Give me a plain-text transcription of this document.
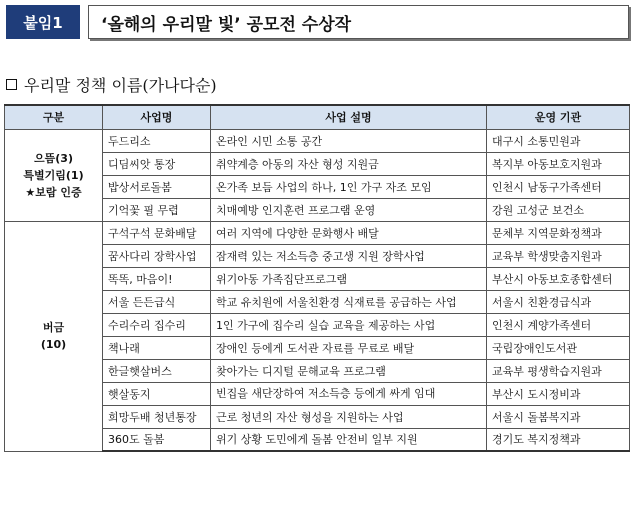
붙임1	‘올해의 우리말 빛’ 공모전 수상작
우리말 정책 이름(가나다순)
구분	사업명	사업 설명	운영 기관

으뜸(3)
특별기림(1)
★보람 인증	두드리소	온라인 시민 소통 공간	대구시 소통민원과
	디딤씨앗 통장	취약계층 아동의 자산 형성 지원금	복지부 아동보호지원과
	밥상서로돌봄	온가족 보듬 사업의 하나, 1인 가구 자조 모임	인천시 남동구가족센터
	기억꽃 필 무렵	치매예방 인지훈련 프로그램 운영	강원 고성군 보건소

버금
(10)	구석구석 문화배달	여러 지역에 다양한 문화행사 배달	문체부 지역문화정책과
	꿈사다리 장학사업	잠재력 있는 저소득층 중고생 지원 장학사업	교육부 학생맞춤지원과
	똑똑, 마음이!	위기아동 가족집단프로그램	부산시 아동보호종합센터
	서울 든든급식	학교 유치원에 서울친환경 식재료를 공급하는 사업	서울시 친환경급식과
	수리수리 집수리	1인 가구에 집수리 실습 교육을 제공하는 사업	인천시 계양가족센터
	책나래	장애인 등에게 도서관 자료를 무료로 배달	국립장애인도서관
	한글햇살버스	찾아가는 디지털 문해교육 프로그램	교육부 평생학습지원과
	햇살동지	빈집을 새단장하여 저소득층 등에게 싸게 임대	부산시 도시정비과
	희망두배 청년통장	근로 청년의 자산 형성을 지원하는 사업	서울시 돌봄복지과
	360도 돌봄	위기 상황 도민에게 돌봄 안전비 일부 지원	경기도 복지정책과
